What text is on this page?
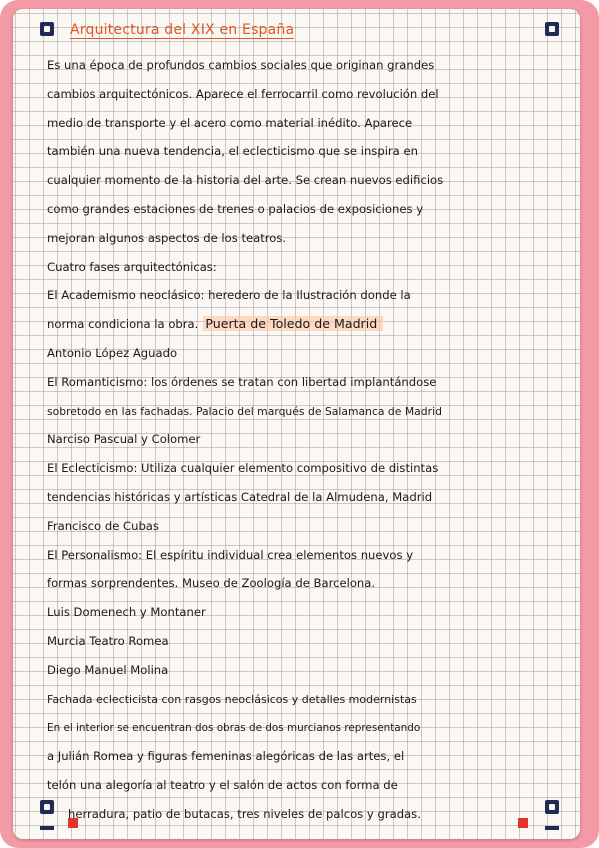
Arquitectura del XIX en España
Es una época de profundos cambios sociales que originan grandes
cambios arquitectónicos. Aparece el ferrocarril como revolución del
medio de transporte y el acero como material inédito. Aparece
también una nueva tendencia, el eclecticismo que se inspira en
cualquier momento de la historia del arte. Se crean nuevos edificios
como grandes estaciones de trenes o palacios de exposiciones y
mejoran algunos aspectos de los teatros.
Cuatro fases arquitectónicas:
El Academismo neoclásico: heredero de la Ilustración donde la
norma condiciona la obra. Puerta de Toledo de Madrid
Antonio López Aguado
El Romanticismo: los órdenes se tratan con libertad implantándose
sobretodo en las fachadas. Palacio del marqués de Salamanca de Madrid
Narciso Pascual y Colomer
El Eclecticismo: Utiliza cualquier elemento compositivo de distintas
tendencias históricas y artísticas Catedral de la Almudena, Madrid
Francisco de Cubas
El Personalismo: El espíritu individual crea elementos nuevos y
formas sorprendentes. Museo de Zoología de Barcelona.
Luis Domenech y Montaner
Murcia Teatro Romea
Diego Manuel Molina
Fachada eclecticista con rasgos neoclásicos y detalles modernistas
En el interior se encuentran dos obras de dos murcianos representando
a Julián Romea y figuras femeninas alegóricas de las artes, el
telón una alegoría al teatro y el salón de actos con forma de
herradura, patio de butacas, tres niveles de palcos y gradas.
